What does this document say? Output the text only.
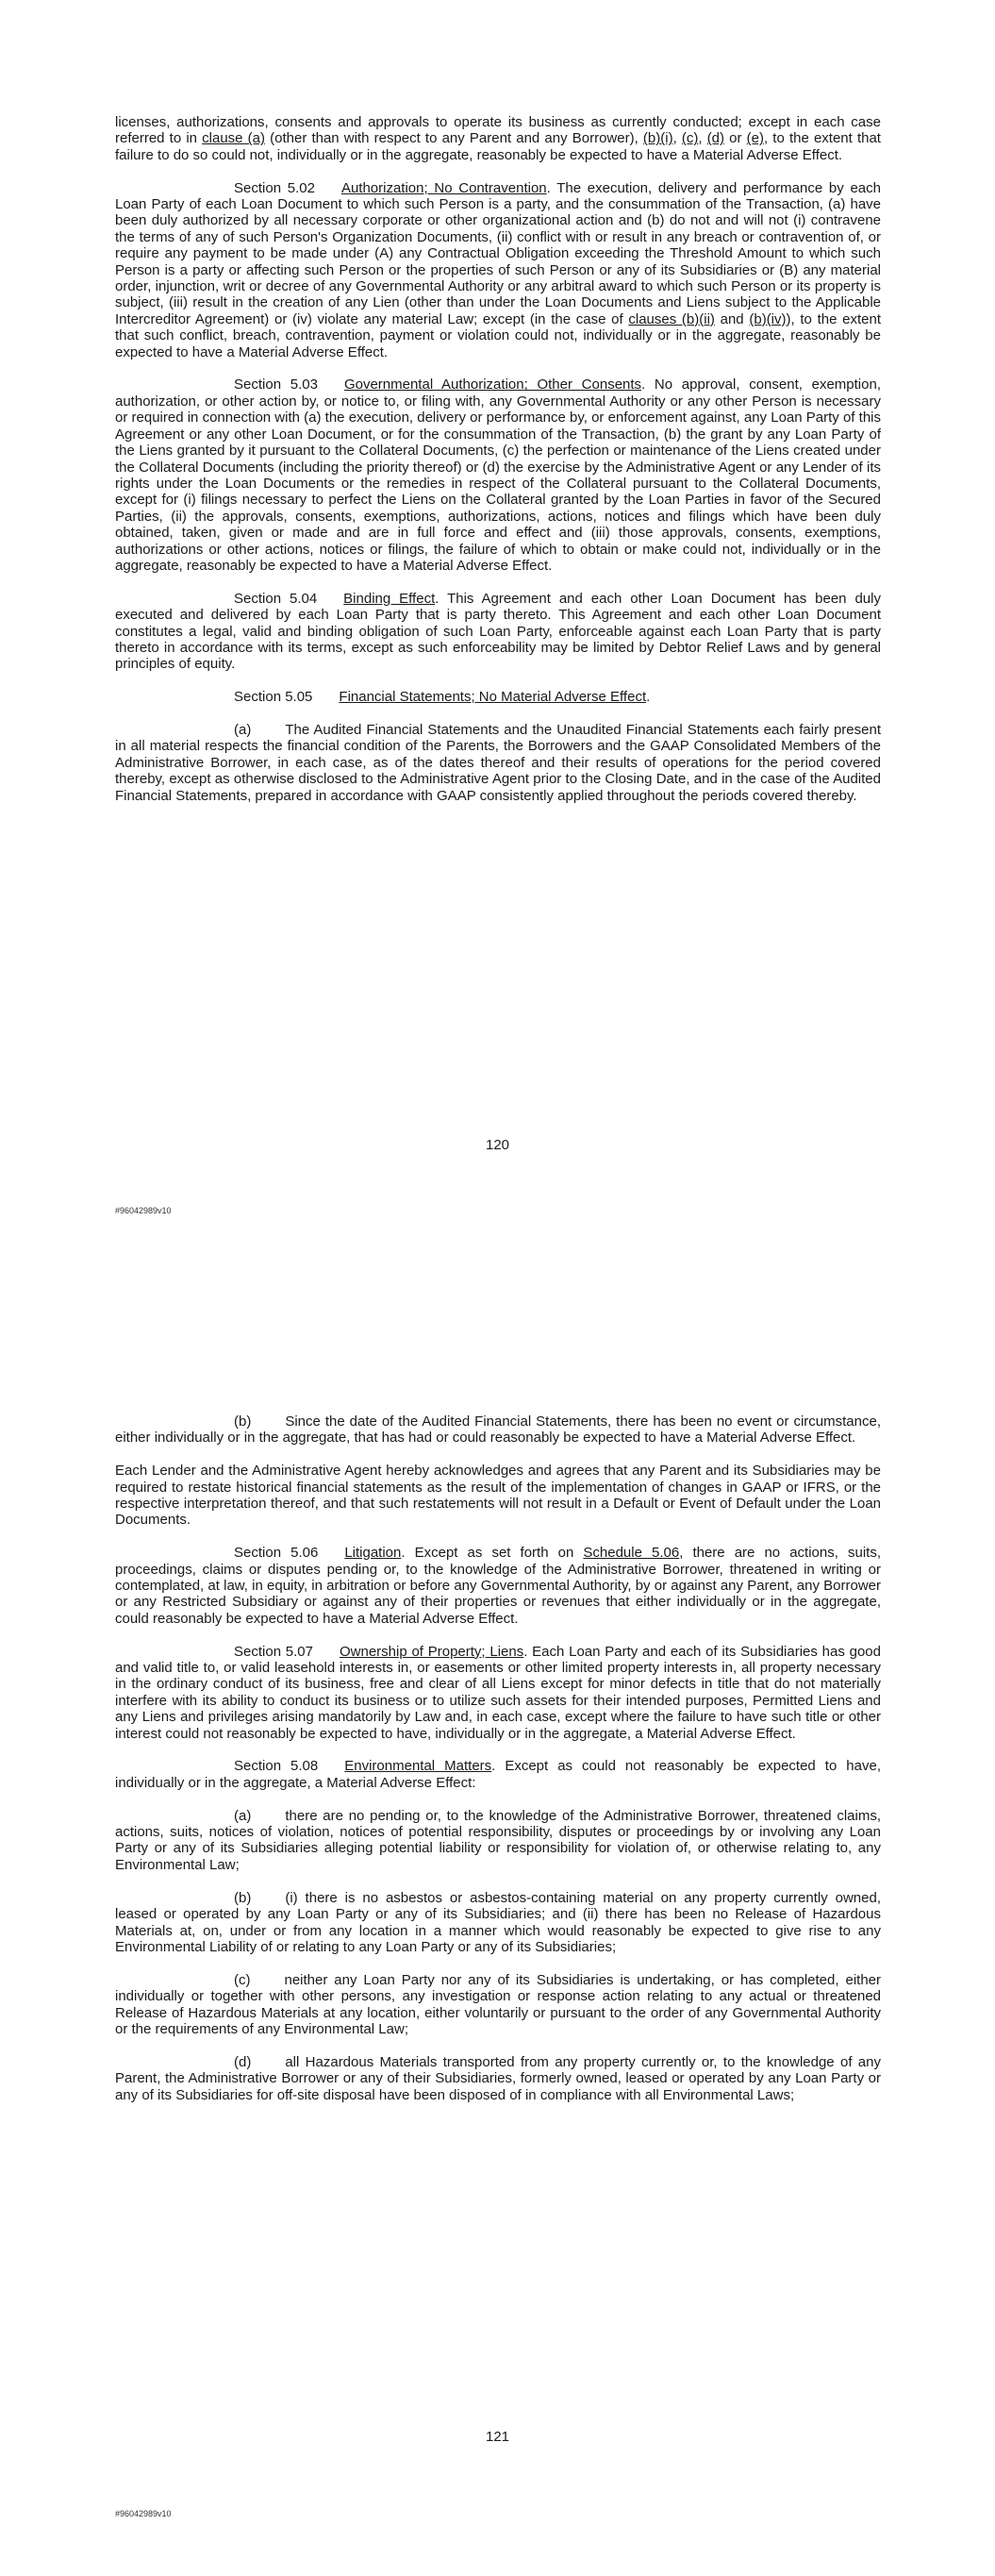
licenses, authorizations, consents and approvals to operate its business as currently conducted; except in each case referred to in clause (a) (other than with respect to any Parent and any Borrower), (b)(i), (c), (d) or (e), to the extent that failure to do so could not, individually or in the aggregate, reasonably be expected to have a Material Adverse Effect.

Section 5.02 Authorization; No Contravention. The execution, delivery and performance by each Loan Party of each Loan Document to which such Person is a party, and the consummation of the Transaction, (a) have been duly authorized by all necessary corporate or other organizational action and (b) do not and will not (i) contravene the terms of any of such Person's Organization Documents, (ii) conflict with or result in any breach or contravention of, or require any payment to be made under (A) any Contractual Obligation exceeding the Threshold Amount to which such Person is a party or affecting such Person or the properties of such Person or any of its Subsidiaries or (B) any material order, injunction, writ or decree of any Governmental Authority or any arbitral award to which such Person or its property is subject, (iii) result in the creation of any Lien (other than under the Loan Documents and Liens subject to the Applicable Intercreditor Agreement) or (iv) violate any material Law; except (in the case of clauses (b)(ii) and (b)(iv)), to the extent that such conflict, breach, contravention, payment or violation could not, individually or in the aggregate, reasonably be expected to have a Material Adverse Effect.

Section 5.03 Governmental Authorization; Other Consents. No approval, consent, exemption, authorization, or other action by, or notice to, or filing with, any Governmental Authority or any other Person is necessary or required in connection with (a) the execution, delivery or performance by, or enforcement against, any Loan Party of this Agreement or any other Loan Document, or for the consummation of the Transaction, (b) the grant by any Loan Party of the Liens granted by it pursuant to the Collateral Documents, (c) the perfection or maintenance of the Liens created under the Collateral Documents (including the priority thereof) or (d) the exercise by the Administrative Agent or any Lender of its rights under the Loan Documents or the remedies in respect of the Collateral pursuant to the Collateral Documents, except for (i) filings necessary to perfect the Liens on the Collateral granted by the Loan Parties in favor of the Secured Parties, (ii) the approvals, consents, exemptions, authorizations, actions, notices and filings which have been duly obtained, taken, given or made and are in full force and effect and (iii) those approvals, consents, exemptions, authorizations or other actions, notices or filings, the failure of which to obtain or make could not, individually or in the aggregate, reasonably be expected to have a Material Adverse Effect.

Section 5.04 Binding Effect. This Agreement and each other Loan Document has been duly executed and delivered by each Loan Party that is party thereto. This Agreement and each other Loan Document constitutes a legal, valid and binding obligation of such Loan Party, enforceable against each Loan Party that is party thereto in accordance with its terms, except as such enforceability may be limited by Debtor Relief Laws and by general principles of equity.

Section 5.05 Financial Statements; No Material Adverse Effect.

(a) The Audited Financial Statements and the Unaudited Financial Statements each fairly present in all material respects the financial condition of the Parents, the Borrowers and the GAAP Consolidated Members of the Administrative Borrower, in each case, as of the dates thereof and their results of operations for the period covered thereby, except as otherwise disclosed to the Administrative Agent prior to the Closing Date, and in the case of the Audited Financial Statements, prepared in accordance with GAAP consistently applied throughout the periods covered thereby.

120
#96042989v10

(b) Since the date of the Audited Financial Statements, there has been no event or circumstance, either individually or in the aggregate, that has had or could reasonably be expected to have a Material Adverse Effect.

Each Lender and the Administrative Agent hereby acknowledges and agrees that any Parent and its Subsidiaries may be required to restate historical financial statements as the result of the implementation of changes in GAAP or IFRS, or the respective interpretation thereof, and that such restatements will not result in a Default or Event of Default under the Loan Documents.

Section 5.06 Litigation. Except as set forth on Schedule 5.06, there are no actions, suits, proceedings, claims or disputes pending or, to the knowledge of the Administrative Borrower, threatened in writing or contemplated, at law, in equity, in arbitration or before any Governmental Authority, by or against any Parent, any Borrower or any Restricted Subsidiary or against any of their properties or revenues that either individually or in the aggregate, could reasonably be expected to have a Material Adverse Effect.

Section 5.07 Ownership of Property; Liens. Each Loan Party and each of its Subsidiaries has good and valid title to, or valid leasehold interests in, or easements or other limited property interests in, all property necessary in the ordinary conduct of its business, free and clear of all Liens except for minor defects in title that do not materially interfere with its ability to conduct its business or to utilize such assets for their intended purposes, Permitted Liens and any Liens and privileges arising mandatorily by Law and, in each case, except where the failure to have such title or other interest could not reasonably be expected to have, individually or in the aggregate, a Material Adverse Effect.

Section 5.08 Environmental Matters. Except as could not reasonably be expected to have, individually or in the aggregate, a Material Adverse Effect:

(a) there are no pending or, to the knowledge of the Administrative Borrower, threatened claims, actions, suits, notices of violation, notices of potential responsibility, disputes or proceedings by or involving any Loan Party or any of its Subsidiaries alleging potential liability or responsibility for violation of, or otherwise relating to, any Environmental Law;

(b) (i) there is no asbestos or asbestos-containing material on any property currently owned, leased or operated by any Loan Party or any of its Subsidiaries; and (ii) there has been no Release of Hazardous Materials at, on, under or from any location in a manner which would reasonably be expected to give rise to any Environmental Liability of or relating to any Loan Party or any of its Subsidiaries;

(c) neither any Loan Party nor any of its Subsidiaries is undertaking, or has completed, either individually or together with other persons, any investigation or response action relating to any actual or threatened Release of Hazardous Materials at any location, either voluntarily or pursuant to the order of any Governmental Authority or the requirements of any Environmental Law;

(d) all Hazardous Materials transported from any property currently or, to the knowledge of any Parent, the Administrative Borrower or any of their Subsidiaries, formerly owned, leased or operated by any Loan Party or any of its Subsidiaries for off-site disposal have been disposed of in compliance with all Environmental Laws;

121
#96042989v10
